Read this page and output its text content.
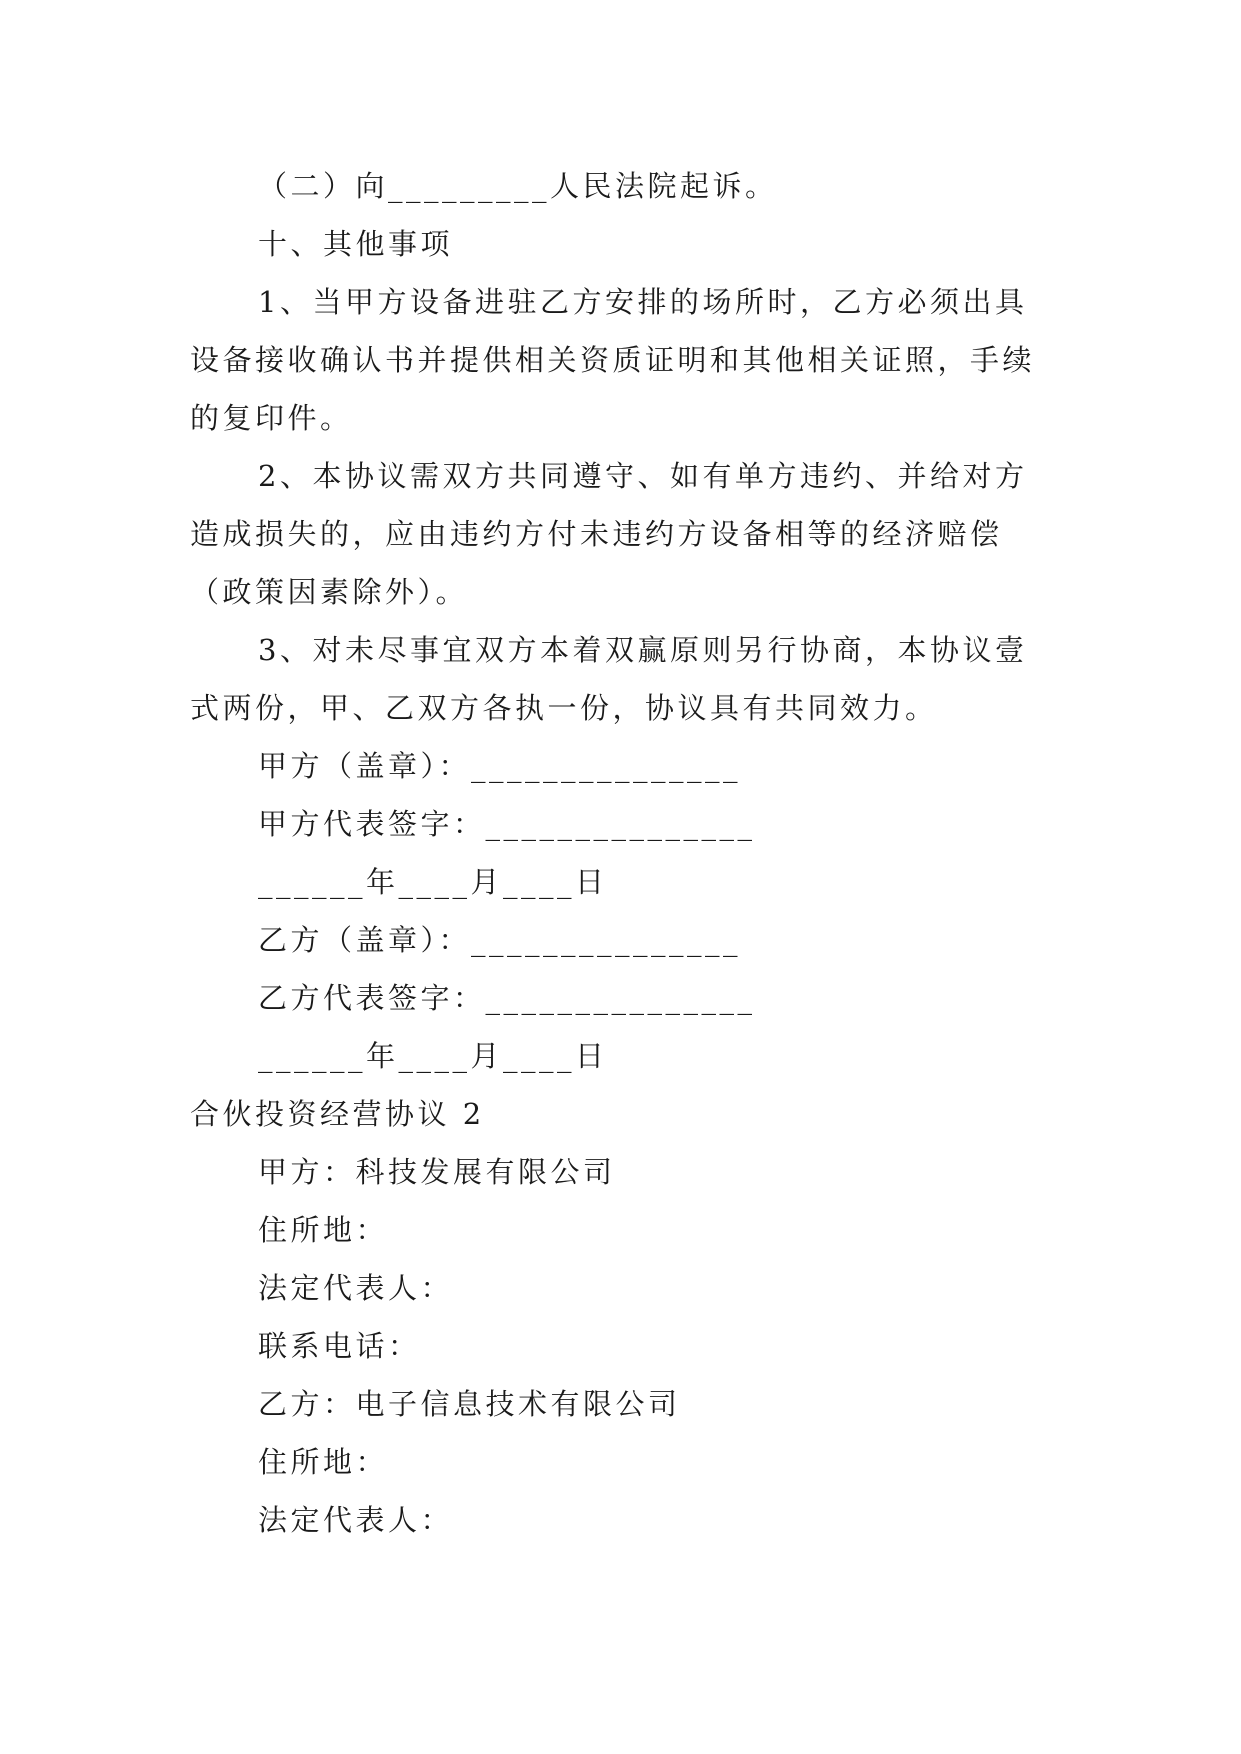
（二）向_________人民法院起诉。
十、其他事项
1、当甲方设备进驻乙方安排的场所时，乙方必须出具
设备接收确认书并提供相关资质证明和其他相关证照，手续
的复印件。
2、本协议需双方共同遵守、如有单方违约、并给对方
造成损失的，应由违约方付未违约方设备相等的经济赔偿
（政策因素除外）。
3、对未尽事宜双方本着双赢原则另行协商，本协议壹
式两份，甲、乙双方各执一份，协议具有共同效力。
甲方（盖章）：_______________
甲方代表签字：_______________
______年____月____日
乙方（盖章）：_______________
乙方代表签字：_______________
______年____月____日
合伙投资经营协议 2
甲方：科技发展有限公司
住所地：
法定代表人：
联系电话：
乙方：电子信息技术有限公司
住所地：
法定代表人：
